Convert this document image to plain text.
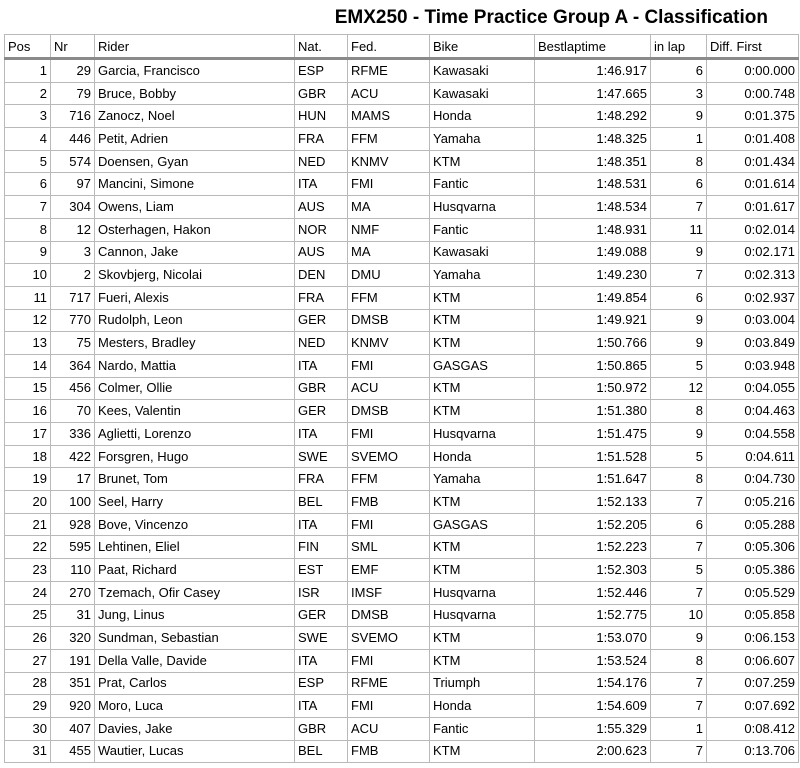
EMX250 - Time Practice Group A - Classification
Pos	Nr	Rider	Nat.	Fed.	Bike	Bestlaptime	in lap	Diff. First
1	29	Garcia, Francisco	ESP	RFME	Kawasaki	1:46.917	6	0:00.000
2	79	Bruce, Bobby	GBR	ACU	Kawasaki	1:47.665	3	0:00.748
3	716	Zanocz, Noel	HUN	MAMS	Honda	1:48.292	9	0:01.375
4	446	Petit, Adrien	FRA	FFM	Yamaha	1:48.325	1	0:01.408
5	574	Doensen, Gyan	NED	KNMV	KTM	1:48.351	8	0:01.434
6	97	Mancini, Simone	ITA	FMI	Fantic	1:48.531	6	0:01.614
7	304	Owens, Liam	AUS	MA	Husqvarna	1:48.534	7	0:01.617
8	12	Osterhagen, Hakon	NOR	NMF	Fantic	1:48.931	11	0:02.014
9	3	Cannon, Jake	AUS	MA	Kawasaki	1:49.088	9	0:02.171
10	2	Skovbjerg, Nicolai	DEN	DMU	Yamaha	1:49.230	7	0:02.313
11	717	Fueri, Alexis	FRA	FFM	KTM	1:49.854	6	0:02.937
12	770	Rudolph, Leon	GER	DMSB	KTM	1:49.921	9	0:03.004
13	75	Mesters, Bradley	NED	KNMV	KTM	1:50.766	9	0:03.849
14	364	Nardo, Mattia	ITA	FMI	GASGAS	1:50.865	5	0:03.948
15	456	Colmer, Ollie	GBR	ACU	KTM	1:50.972	12	0:04.055
16	70	Kees, Valentin	GER	DMSB	KTM	1:51.380	8	0:04.463
17	336	Aglietti, Lorenzo	ITA	FMI	Husqvarna	1:51.475	9	0:04.558
18	422	Forsgren, Hugo	SWE	SVEMO	Honda	1:51.528	5	0:04.611
19	17	Brunet, Tom	FRA	FFM	Yamaha	1:51.647	8	0:04.730
20	100	Seel, Harry	BEL	FMB	KTM	1:52.133	7	0:05.216
21	928	Bove, Vincenzo	ITA	FMI	GASGAS	1:52.205	6	0:05.288
22	595	Lehtinen, Eliel	FIN	SML	KTM	1:52.223	7	0:05.306
23	110	Paat, Richard	EST	EMF	KTM	1:52.303	5	0:05.386
24	270	Tzemach, Ofir Casey	ISR	IMSF	Husqvarna	1:52.446	7	0:05.529
25	31	Jung, Linus	GER	DMSB	Husqvarna	1:52.775	10	0:05.858
26	320	Sundman, Sebastian	SWE	SVEMO	KTM	1:53.070	9	0:06.153
27	191	Della Valle, Davide	ITA	FMI	KTM	1:53.524	8	0:06.607
28	351	Prat, Carlos	ESP	RFME	Triumph	1:54.176	7	0:07.259
29	920	Moro, Luca	ITA	FMI	Honda	1:54.609	7	0:07.692
30	407	Davies, Jake	GBR	ACU	Fantic	1:55.329	1	0:08.412
31	455	Wautier, Lucas	BEL	FMB	KTM	2:00.623	7	0:13.706
